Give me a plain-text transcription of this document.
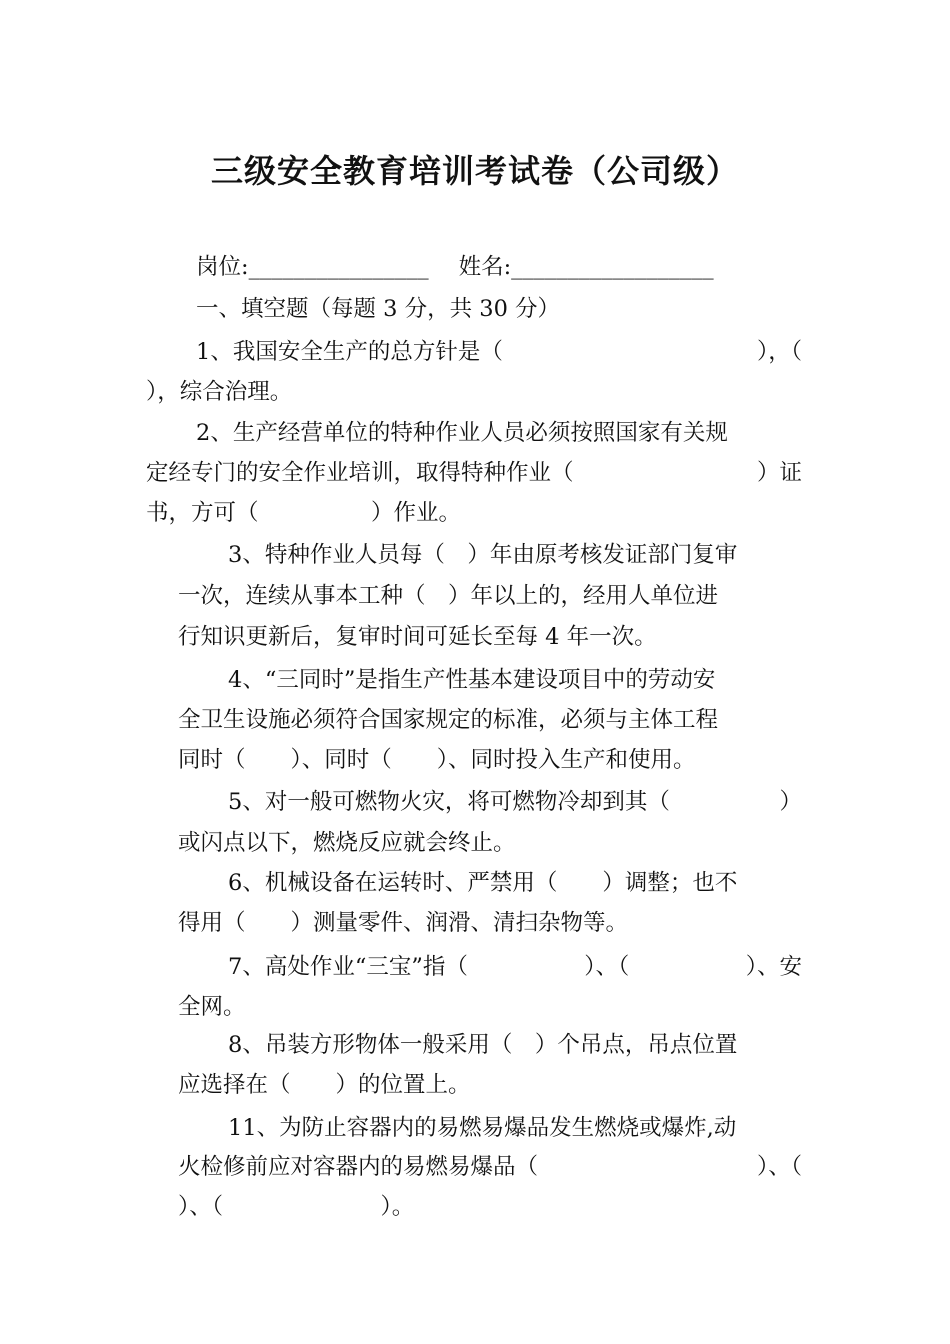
三级安全教育培训考试卷（公司级）
岗位:________________ 姓名:__________________
一、填空题（每题 3 分，共 30 分）
1、我国安全生产的总方针是（	），（
），综合治理。
2、生产经营单位的特种作业人员必须按照国家有关规
定经专门的安全作业培训，取得特种作业（	）证
书，方可（　　　　　）作业。
3、特种作业人员每（　）年由原考核发证部门复审
一次，连续从事本工种（　）年以上的，经用人单位进
行知识更新后，复审时间可延长至每 4 年一次。
4、“三同时”是指生产性基本建设项目中的劳动安
全卫生设施必须符合国家规定的标准，必须与主体工程
同时（　　）、同时（　　）、同时投入生产和使用。
5、对一般可燃物火灾，将可燃物冷却到其（	）
或闪点以下，燃烧反应就会终止。
6、机械设备在运转时、严禁用（　　）调整；也不
得用（　　）测量零件、润滑、清扫杂物等。
7、高处作业“三宝”指（	）、（	）、安
全网。
8、吊装方形物体一般采用（　）个吊点，吊点位置
应选择在（　　）的位置上。
11、为防止容器内的易燃易爆品发生燃烧或爆炸,动
火检修前应对容器内的易燃易爆品（	）、（
）、（　　　　　　　）。
